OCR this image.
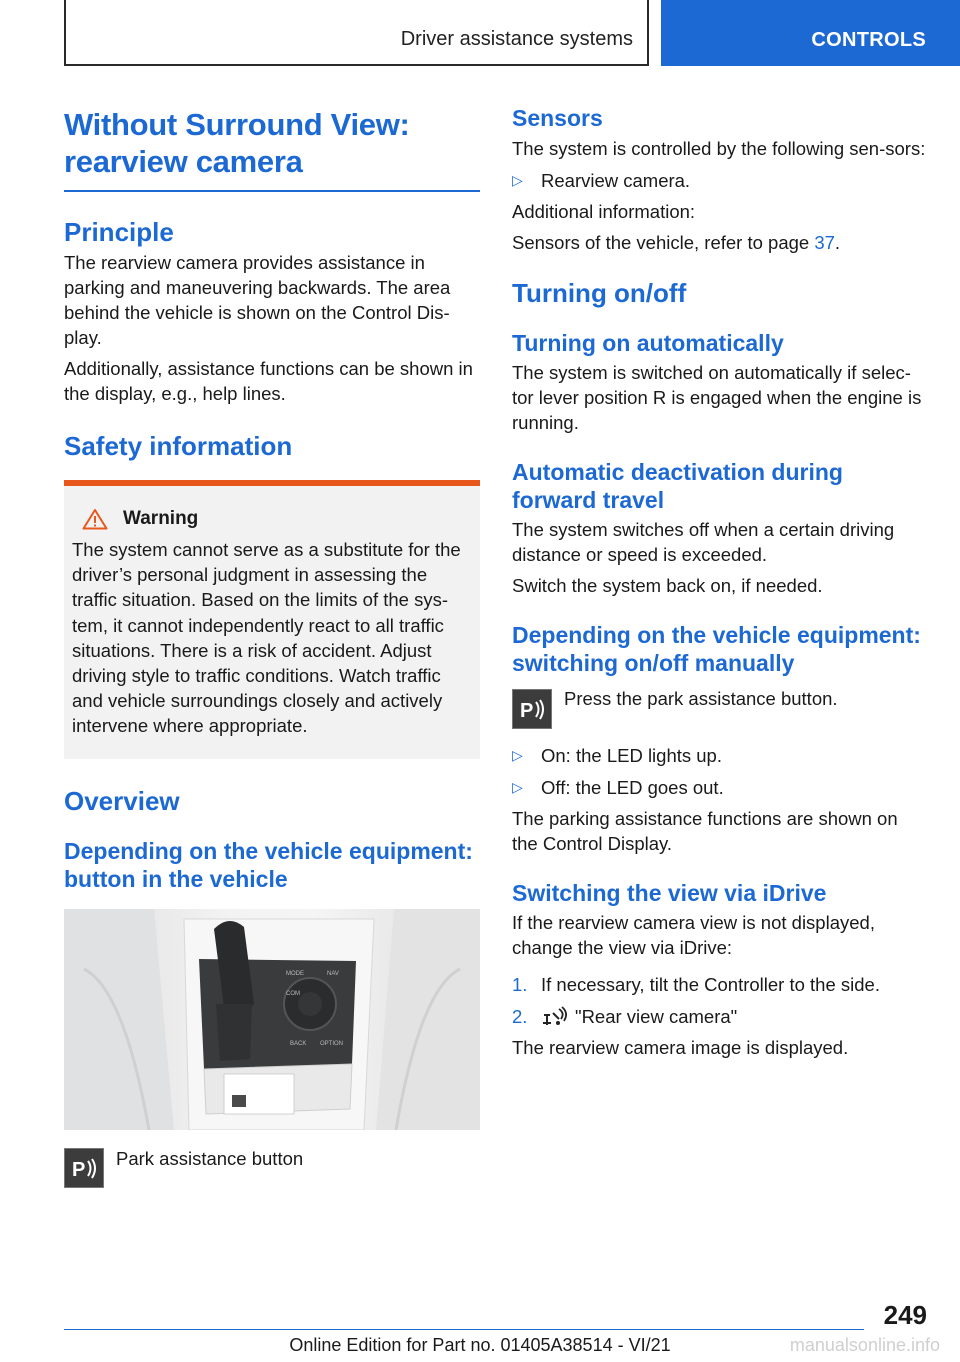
Driver assistance systems	CONTROLS
Without Surround View: rearview camera
Principle
The rearview camera provides assistance in parking and maneuvering backwards. The area behind the vehicle is shown on the Control Dis-play.
Additionally, assistance functions can be shown in the display, e.g., help lines.
Safety information
Warning
The system cannot serve as a substitute for the driver’s personal judgment in assessing the traffic situation. Based on the limits of the sys-tem, it cannot independently react to all traffic situations. There is a risk of accident. Adjust driving style to traffic conditions. Watch traffic and vehicle surroundings closely and actively intervene where appropriate.
Overview
Depending on the vehicle equipment: button in the vehicle
MODE	NAV
COM
BACK OPTION
P
Park assistance button
Sensors
The system is controlled by the following sen-sors:
▷ Rearview camera.
Additional information:
Sensors of the vehicle, refer to page 37.
Turning on/off
Turning on automatically
The system is switched on automatically if selec-tor lever position R is engaged when the engine is running.
Automatic deactivation during forward travel
The system switches off when a certain driving distance or speed is exceeded.
Switch the system back on, if needed.
Depending on the vehicle equipment: switching on/off manually
P
Press the park assistance button.
▷ On: the LED lights up.
▷ Off: the LED goes out.
The parking assistance functions are shown on the Control Display.
Switching the view via iDrive
If the rearview camera view is not displayed, change the view via iDrive:
1. If necessary, tilt the Controller to the side.
2.	"Rear view camera"
The rearview camera image is displayed.
249
Online Edition for Part no. 01405A38514 - VI/21	manualsonline.info
